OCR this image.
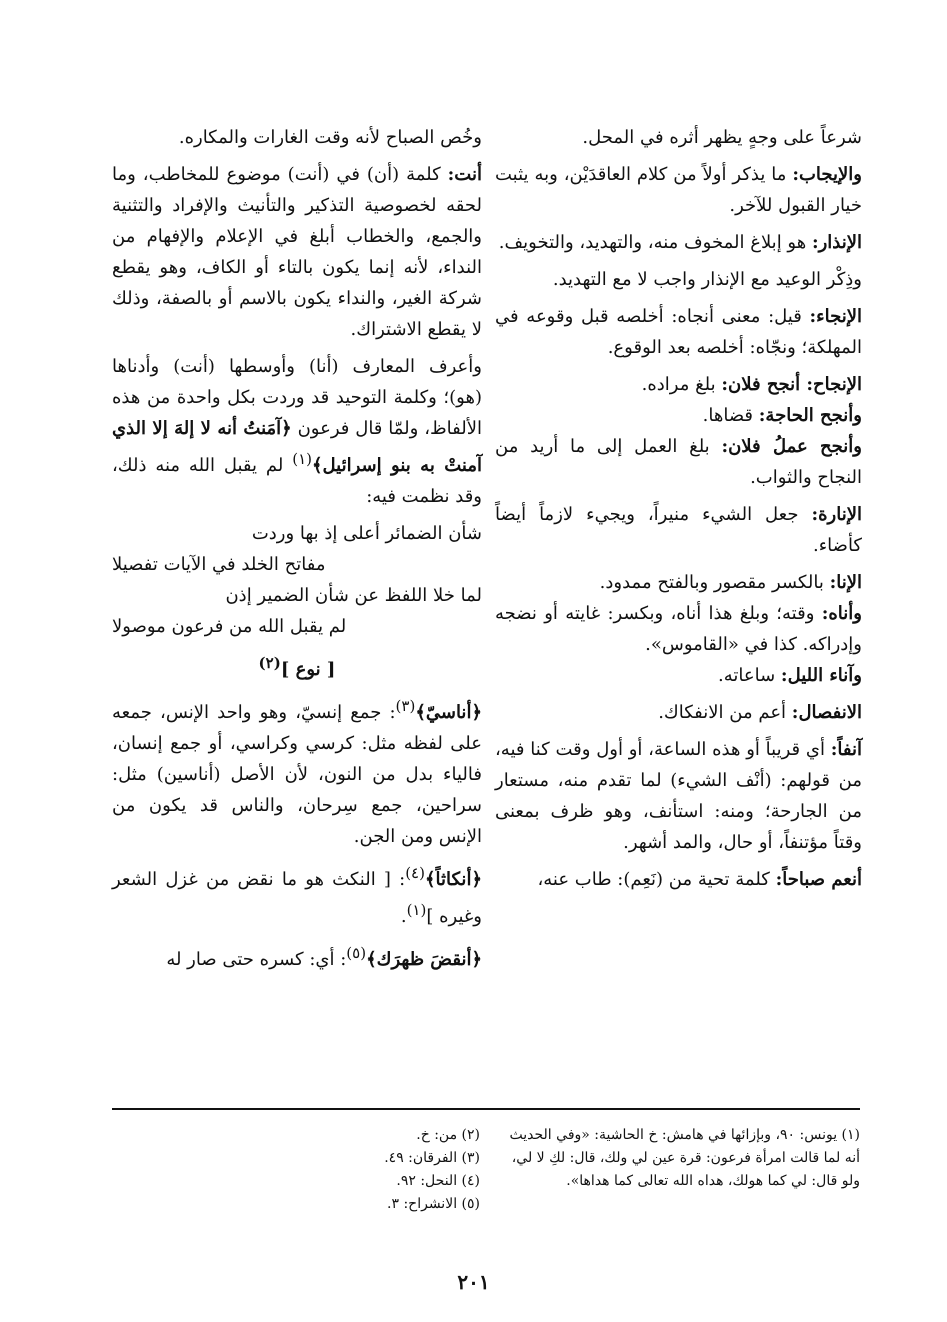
شرعاً على وجهٍ يظهر أثره في المحل.

والإيجاب: ما يذكر أولاً من كلام العاقدَيْن، وبه يثبت خيار القبول للآخر.

الإنذار: هو إبلاغ المخوف منه، والتهديد، والتخويف.

وذِكْر الوعيد مع الإنذار واجب لا مع التهديد.

الإنجاء: قيل: معنى أنجاه: أخلصه قبل وقوعه في المهلكة؛ ونجّاه: أخلصه بعد الوقوع.

الإنجاح: أنجح فلان: بلغ مراده.

وأنجح الحاجة: قضاها.

وأنجح عملُ فلان: بلغ العمل إلى ما أريد من النجاح والثواب.

الإنارة: جعل الشيء منيراً، ويجيء لازماً أيضاً كأضاء.

الإنا: بالكسر مقصور وبالفتح ممدود.

وأناه: وقته؛ وبلغ هذا أناه، وبكسر: غايته أو نضجه وإدراكه. كذا في «القاموس».

وآناء الليل: ساعاته.

الانفصال: أعم من الانفكاك.

آنفاً: أي قريباً أو هذه الساعة، أو أول وقت كنا فيه، من قولهم: (أنْف الشيء) لما تقدم منه، مستعار من الجارحة؛ ومنه: استأنف، وهو ظرف بمعنى وقتاً مؤتنفاً، أو حال، والمد أشهر.

أنعم صباحاً: كلمة تحية من (نَعِم): طاب عنه،

وخُص الصباح لأنه وقت الغارات والمكاره.

أنت: كلمة (أن) في (أنت) موضوع للمخاطب، وما لحقه لخصوصية التذكير والتأنيث والإفراد والتثنية والجمع، والخطاب أبلغ في الإعلام والإفهام من النداء، لأنه إنما يكون بالتاء أو الكاف، وهو يقطع شركة الغير، والنداء يكون بالاسم أو بالصفة، وذلك لا يقطع الاشتراك.

وأعرف المعارف (أنا) وأوسطها (أنت) وأدناها (هو)؛ وكلمة التوحيد قد وردت بكل واحدة من هذه الألفاظ، ولمّا قال فرعون ﴿آمَنتُ أنه لا إلهَ إلا الذي آمنتْ به بنو إسرائيل﴾$^{(١)}$ لم يقبل الله منه ذلك، وقد نظمت فيه:

شأن الضمائر أعلى إذ بها وردت

مفاتح الخلد في الآيات تفصيلا

لما خلا اللفظ عن شأن الضمير إذن

لم يقبل الله من فرعون موصولا

[ نوع ]$^{(٢)}$

﴿أناسيّ﴾$^{(٣)}$: جمع إنسيّ، وهو واحد الإنس، جمعه على لفظه مثل: كرسي وكراسي، أو جمع إنسان، فالياء بدل من النون، لأن الأصل (أناسين) مثل: سراحين، جمع سِرحان، والناس قد يكون من الإنس ومن الجن.

﴿أنكاثاً﴾$^{(٤)}$: [ النكث هو ما نقض من غزل الشعر وغيره ]$^{(١)}$.

﴿أنقضَ ظهرَك﴾$^{(٥)}$: أي: كسره حتى صار له

(١) يونس: ٩٠، وبإزائها في هامش: خ الحاشية: «وفي الحديث أنه لما قالت امرأة فرعون: قرة عين لي ولك، قال: لكِ لا لي، ولو قال: لي كما هولك، هداه الله تعالى كما هداها».
(٢) من: خ.
(٣) الفرقان: ٤٩.
(٤) النحل: ٩٢.
(٥) الانشراح: ٣.
٢٠١
